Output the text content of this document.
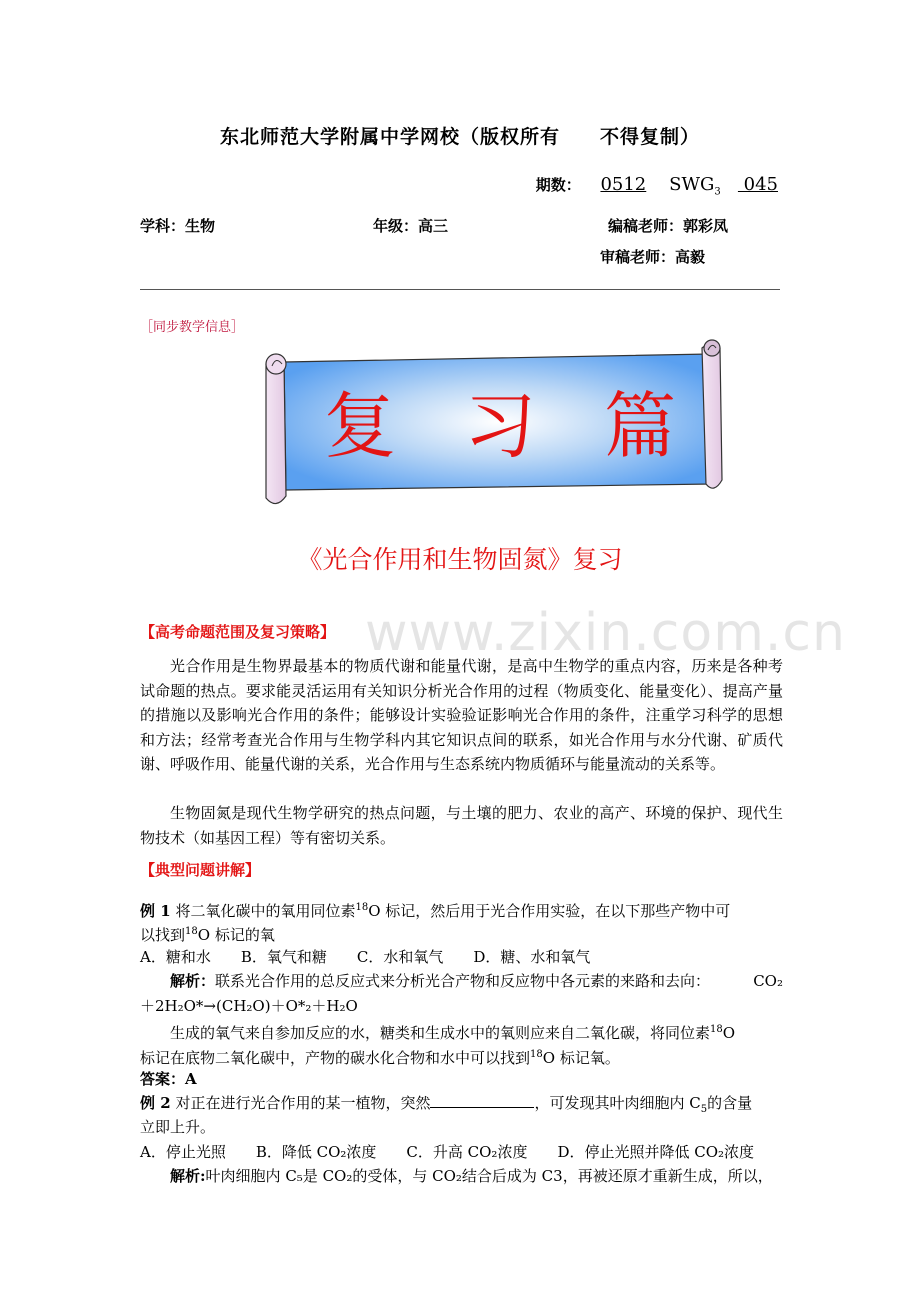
东北师范大学附属中学网校（版权所有　　不得复制）
期数： 0512 $SWG_3$    045
学科：生物	年级：高三	编稿老师：郭彩凤
审稿老师：高毅
［同步教学信息］
复 习 篇
《光合作用和生物固氮》复习
www.zixin.com.cn
【高考命题范围及复习策略】
光合作用是生物界最基本的物质代谢和能量代谢，是高中生物学的重点内容，历来是各种考试命题的热点。要求能灵活运用有关知识分析光合作用的过程（物质变化、能量变化）、提高产量的措施以及影响光合作用的条件；能够设计实验验证影响光合作用的条件，注重学习科学的思想和方法；经常考查光合作用与生物学科内其它知识点间的联系，如光合作用与水分代谢、矿质代谢、呼吸作用、能量代谢的关系，光合作用与生态系统内物质循环与能量流动的关系等。
生物固氮是现代生物学研究的热点问题，与土壤的肥力、农业的高产、环境的保护、现代生物技术（如基因工程）等有密切关系。
【典型问题讲解】
例 1 将二氧化碳中的氧用同位素$^{18}$O 标记，然后用于光合作用实验，在以下那些产物中可
以找到$^{18}$O 标记的氧
A．糖和水　　B．氧气和糖　　C．水和氧气　　D．糖、水和氧气
解析：联系光合作用的总反应式来分析光合产物和反应物中各元素的来路和去向：	CO₂
＋2H₂O*→(CH₂O)＋O*₂＋H₂O
生成的氧气来自参加反应的水，糖类和生成水中的氧则应来自二氧化碳，将同位素$^{18}$O
标记在底物二氧化碳中，产物的碳水化合物和水中可以找到$^{18}$O 标记氧。
答案：A
例 2 对正在进行光合作用的某一植物，突然	，可发现其叶肉细胞内 $C_5$的含量
立即上升。
A．停止光照　　B．降低 CO₂浓度　　C．升高 CO₂浓度　　D．停止光照并降低 CO₂浓度
解析:叶肉细胞内 C₅是 CO₂的受体，与 CO₂结合后成为 C3，再被还原才重新生成，所以，
